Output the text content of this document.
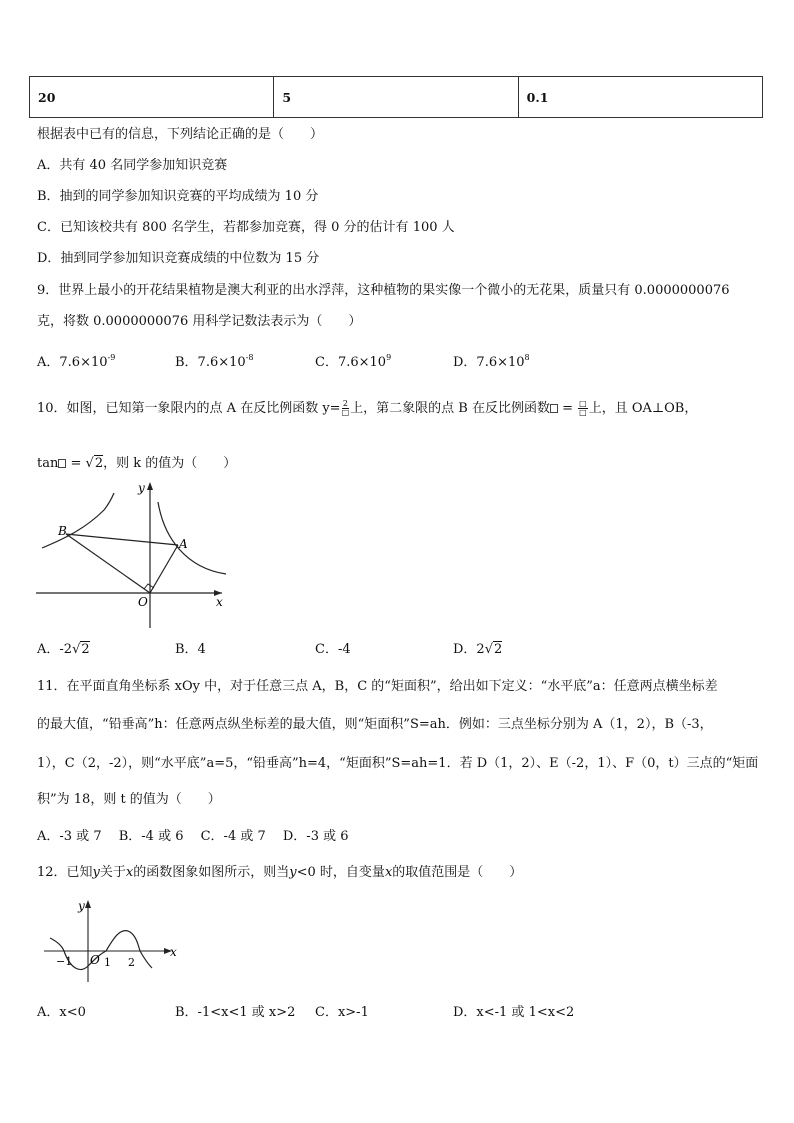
20	5	0.1
根据表中已有的信息，下列结论正确的是（　　）
A．共有 40 名同学参加知识竞赛
B．抽到的同学参加知识竞赛的平均成绩为 10 分
C．已知该校共有 800 名学生，若都参加竞赛，得 0 分的估计有 100 人
D．抽到同学参加知识竞赛成绩的中位数为 15 分
9．世界上最小的开花结果植物是澳大利亚的出水浮萍，这种植物的果实像一个微小的无花果，质量只有 0.0000000076
克，将数 0.0000000076 用科学记数法表示为（　　）
A．$7.6\times 10^{-9}$	B．$7.6\times 10^{-8}$	C．$7.6\times 10^9$	D．$7.6\times 10^8$
10．如图，已知第一象限内的点 A 在反比例函数 $y= \frac{2}{□}$ 上，第二象限的点 B 在反比例函数 = $\frac{□}{□}$ 上，且 OA⊥OB，
tan = √2，则 k 的值为（　　）
y
x
O
A
B
A．-2√2	B．4	C．-4	D．2√2
11．在平面直角坐标系 xOy 中，对于任意三点 A，B，C 的“矩面积”，给出如下定义：“水平底”a：任意两点横坐标差
的最大值，“铅垂高”h：任意两点纵坐标差的最大值，则“矩面积”S=ah．例如：三点坐标分别为 A（1，2），B（-3，
1），C（2，-2），则“水平底”a=5，“铅垂高”h=4，“矩面积”S=ah=1．若 D（1，2）、E（-2，1）、F（0，t）三点的“矩面
积”为 18，则 t 的值为（　　）
A．-3 或 7　 B．-4 或 6　 C．-4 或 7　 D．-3 或 6
12．已知y关于x的函数图象如图所示，则当y<0 时，自变量x的取值范围是（　　）
y
x
O
−1	1 2
A．x<0	B．-1<x<1 或 x>2 C．x>-1	D．x<-1 或 1<x<2
